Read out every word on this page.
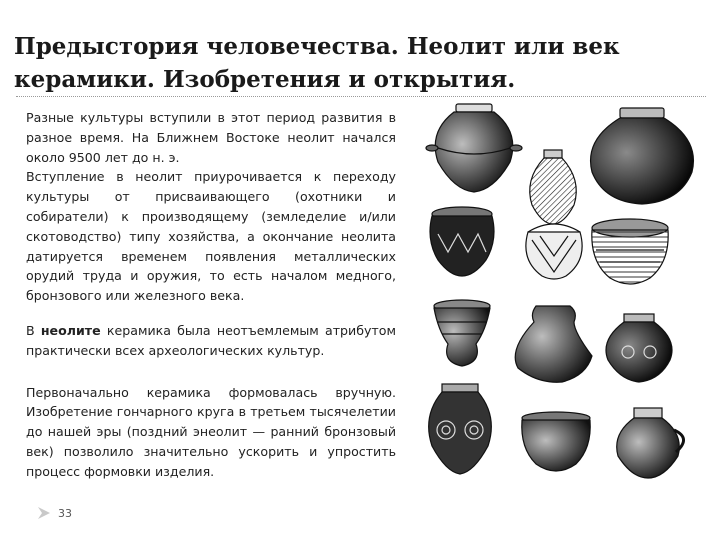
Предыстория человечества. Неолит или век
керамики. Изобретения и открытия.

Разные культуры вступили в этот период развития в разное время. На Ближнем Востоке неолит начался около 9500 лет до н. э.

Вступление в неолит приурочивается к переходу культуры от присваивающего (охотники и собиратели) к производящему (земледелие и/или скотоводство) типу хозяйства, а окончание неолита датируется временем появления металлических орудий труда и оружия, то есть началом медного, бронзового или железного века.

В неолите керамика была неотъемлемым атрибутом практически всех археологических культур.

Первоначально керамика формовалась вручную. Изобретение гончарного круга в третьем тысячелетии до нашей эры (поздний энеолит — ранний бронзовый век) позволило значительно ускорить и упростить процесс формовки изделия.

33
